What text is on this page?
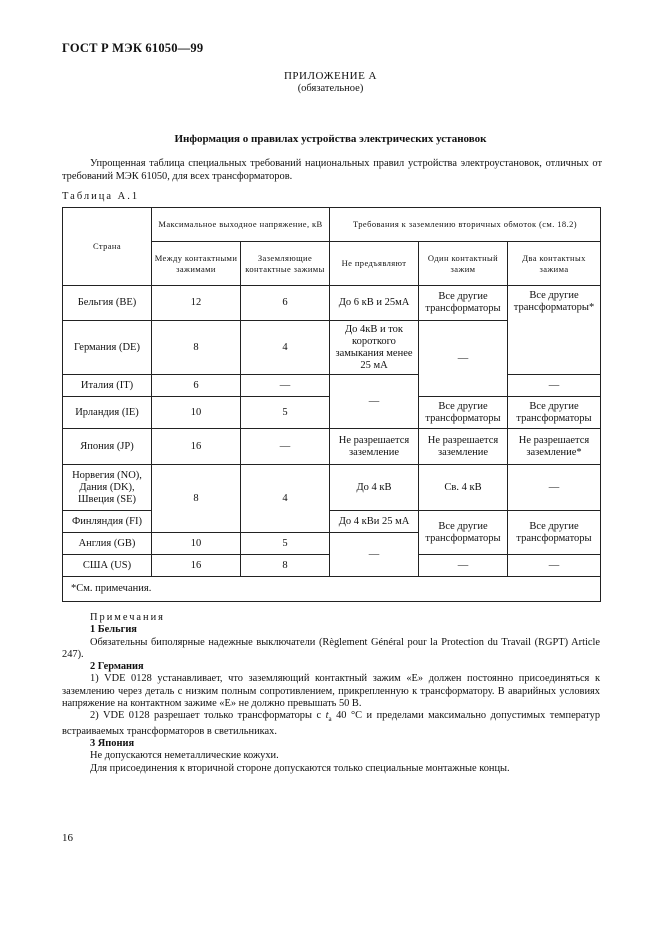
ГОСТ Р МЭК 61050—99
ПРИЛОЖЕНИЕ А
(обязательное)
Информация о правилах устройства электрических установок
Упрощенная таблица специальных требований национальных правил устройства электроустановок, отличных от требований МЭК 61050, для всех трансформаторов.
Таблица А.1
Страна	Максимальное выходное напряжение, кВ		Требования к заземлению вторичных обмоток (см. 18.2)		
	Между контактными зажимами	Заземляющие контактные зажимы	Не предъявляют	Один контактный зажим	Два контактных зажима
Бельгия (BE)	12	6	До 6 кВ и 25мА	Все другие трансформаторы	Все другие трансформаторы*
Германия (DE)	8	4	До 4кВ и ток короткого замыкания менее 25 мА	—	
Италия (IT)	6	—	—		—
Ирландия (IE)	10	5		Все другие трансформаторы	Все другие трансформаторы
Япония (JP)	16	—	Не разрешается заземление	Не разрешается заземление	Не разрешается заземление*
Норвегия (NO), Дания (DK), Швеция (SE)	8	4	До 4 кВ	Св. 4 кВ	—
Финляндия (FI)			До 4 кВи 25 мА	Все другие трансформаторы	Все другие трансформаторы
Англия (GB)	10	5	—		
США (US)	16	8		—	—
*См. примечания.					

Примечания

1 Бельгия

Обязательны биполярные надежные выключатели (Règlement Général pour la Protection du Travail (RGPT) Article 247).

2 Германия

1) VDE 0128 устанавливает, что заземляющий контактный зажим «Е» должен постоянно присоединяться к заземлению через деталь с низким полным сопротивлением, прикрепленную к трансформатору. В аварийных условиях напряжение на контактном зажиме «Е» не должно превышать 50 В.

2) VDE 0128 разрешает только трансформаторы с $t_a$ 40 °С и пределами максимально допустимых температур встраиваемых трансформаторов в светильниках.

3 Япония

Не допускаются неметаллические кожухи.

Для присоединения к вторичной стороне допускаются только специальные монтажные концы.

16
